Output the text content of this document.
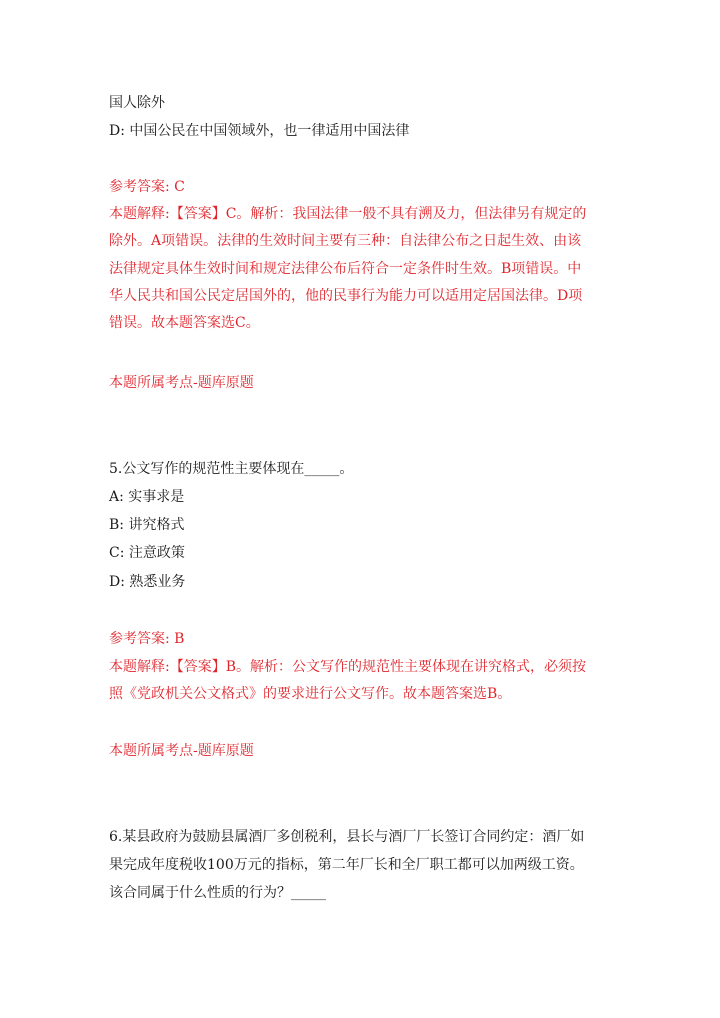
国人除外
D: 中国公民在中国领域外，也一律适用中国法律
参考答案: C
本题解释:【答案】C。解析：我国法律一般不具有溯及力，但法律另有规定的
除外。A项错误。法律的生效时间主要有三种：自法律公布之日起生效、由该
法律规定具体生效时间和规定法律公布后符合一定条件时生效。B项错误。中
华人民共和国公民定居国外的，他的民事行为能力可以适用定居国法律。D项
错误。故本题答案选C。
本题所属考点-题库原题
5.公文写作的规范性主要体现在_____。
A: 实事求是
B: 讲究格式
C: 注意政策
D: 熟悉业务
参考答案: B
本题解释:【答案】B。解析：公文写作的规范性主要体现在讲究格式，必须按
照《党政机关公文格式》的要求进行公文写作。故本题答案选B。
本题所属考点-题库原题
6.某县政府为鼓励县属酒厂多创税利，县长与酒厂厂长签订合同约定：酒厂如
果完成年度税收100万元的指标，第二年厂长和全厂职工都可以加两级工资。
该合同属于什么性质的行为？_____
